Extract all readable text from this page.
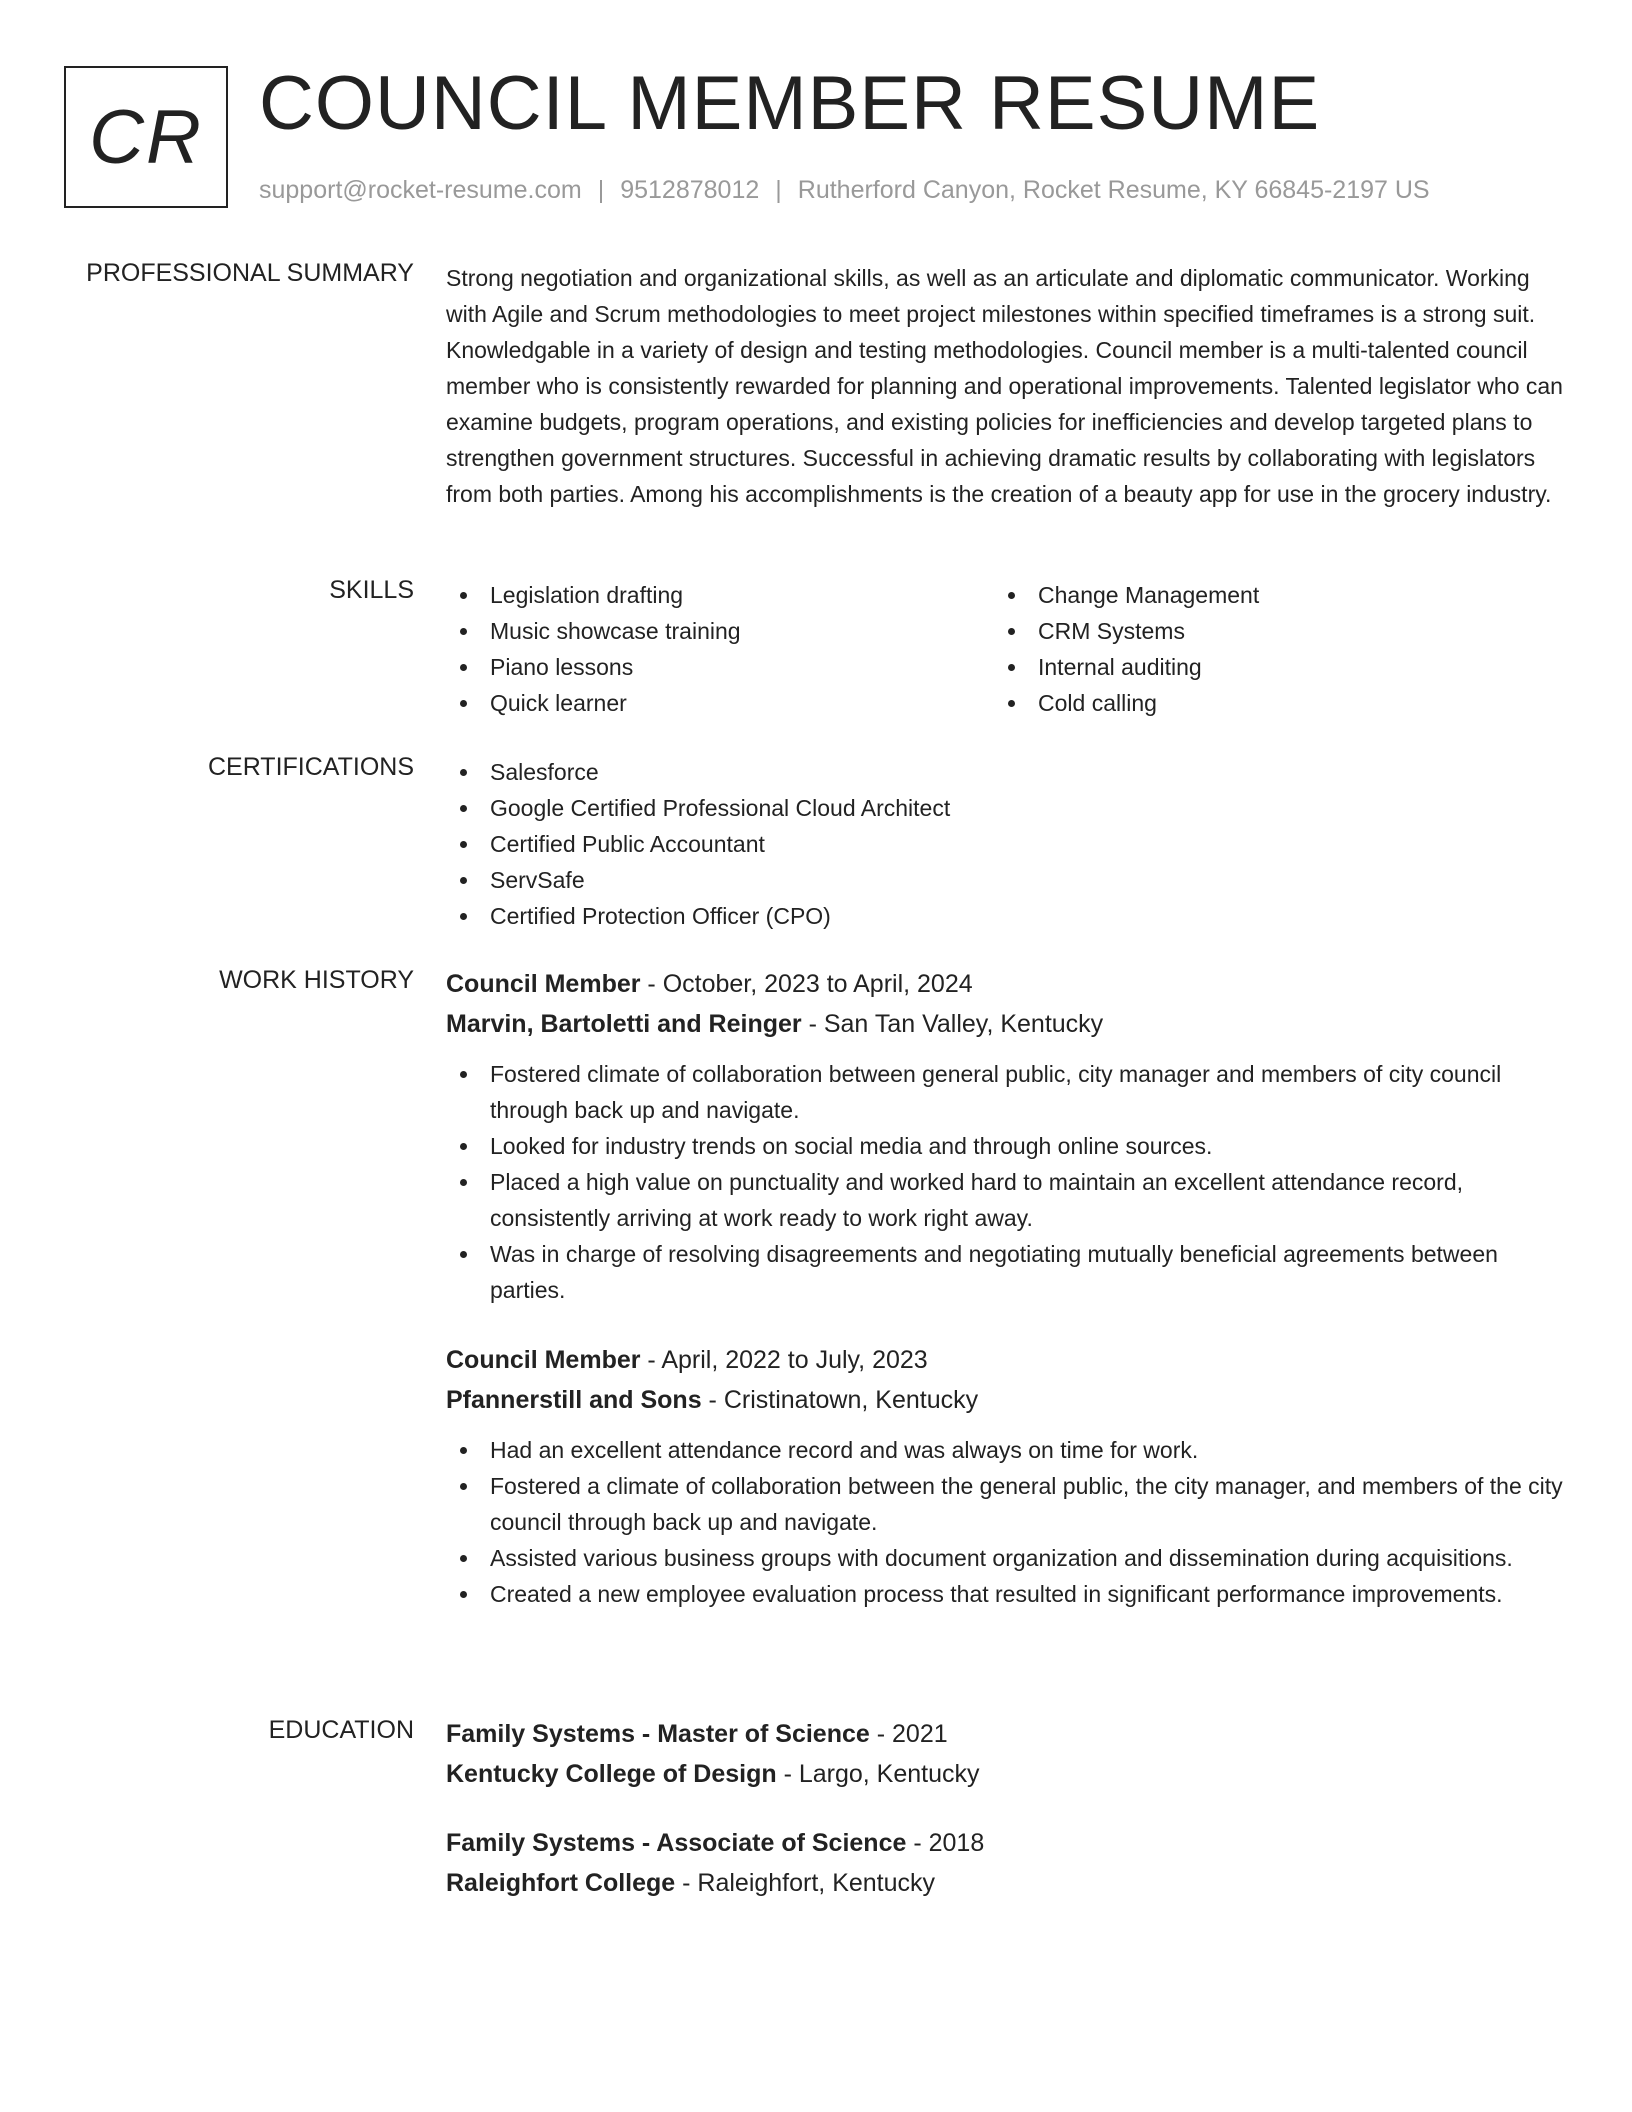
CR COUNCIL MEMBER RESUME
support@rocket-resume.com | 9512878012 | Rutherford Canyon, Rocket Resume, KY 66845-2197 US
PROFESSIONAL SUMMARY Strong negotiation and organizational skills, as well as an articulate and diplomatic communicator. Working with Agile and Scrum methodologies to meet project milestones within specified timeframes is a strong suit. Knowledgable in a variety of design and testing methodologies. Council member is a multi-talented council member who is consistently rewarded for planning and operational improvements. Talented legislator who can examine budgets, program operations, and existing policies for inefficiencies and develop targeted plans to strengthen government structures. Successful in achieving dramatic results by collaborating with legislators from both parties. Among his accomplishments is the creation of a beauty app for use in the grocery industry.
SKILLS	Legislation drafting
Music showcase training
Piano lessons
Quick learner
Change Management
CRM Systems
Internal auditing
Cold calling
CERTIFICATIONS	Salesforce
Google Certified Professional Cloud Architect
Certified Public Accountant
ServSafe
Certified Protection Officer (CPO)
WORK HISTORY Council Member - October, 2023 to April, 2024
Marvin, Bartoletti and Reinger - San Tan Valley, Kentucky
Fostered climate of collaboration between general public, city manager and members of city council through back up and navigate.
Looked for industry trends on social media and through online sources.
Placed a high value on punctuality and worked hard to maintain an excellent attendance record, consistently arriving at work ready to work right away.
Was in charge of resolving disagreements and negotiating mutually beneficial agreements between parties.
Council Member - April, 2022 to July, 2023
Pfannerstill and Sons - Cristinatown, Kentucky
Had an excellent attendance record and was always on time for work.
Fostered a climate of collaboration between the general public, the city manager, and members of the city council through back up and navigate.
Assisted various business groups with document organization and dissemination during acquisitions.
Created a new employee evaluation process that resulted in significant performance improvements.
EDUCATION Family Systems - Master of Science - 2021
Kentucky College of Design - Largo, Kentucky
Family Systems - Associate of Science - 2018
Raleighfort College - Raleighfort, Kentucky
